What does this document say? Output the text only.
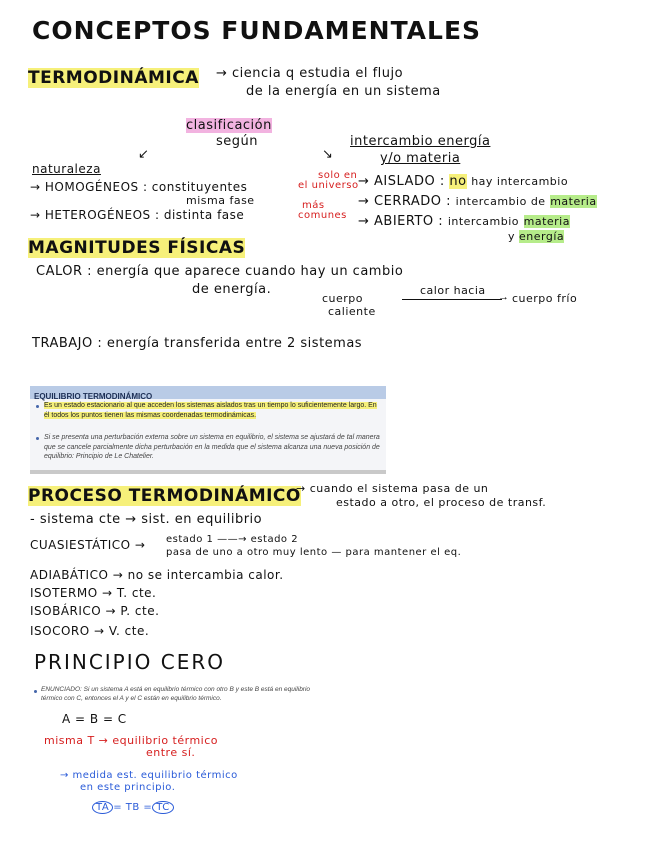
CONCEPTOS FUNDAMENTALES
TERMODINÁMICA → ciencia q estudia el flujo
de la energía en un sistema
clasificación
según
↙	↘
naturaleza
→ HOMOGÉNEOS : constituyentes
misma fase
→ HETEROGÉNEOS : distinta fase
intercambio energía
y/o materia
solo en
el universo
más
comunes
→ AISLADO : no hay intercambio
→ CERRADO : intercambio de materia
→ ABIERTO : intercambio materia
y energía
MAGNITUDES FÍSICAS
CALOR : energía que aparece cuando hay un cambio
de energía.
cuerpo
caliente
calor hacia → cuerpo frío
TRABAJO : energía transferida entre 2 sistemas
EQUILIBRIO TERMODINÁMICO
Es un estado estacionario al que acceden los sistemas aislados tras un tiempo lo suficientemente largo. En él todos los puntos tienen las mismas coordenadas termodinámicas.
Si se presenta una perturbación externa sobre un sistema en equilibrio, el sistema se ajustará de tal manera que se cancele parcialmente dicha perturbación en la medida que el sistema alcanza una nueva posición de equilibrio: Principio de Le Chatelier.
PROCESO TERMODINÁMICO
→ cuando el sistema pasa de un
estado a otro, el proceso de transf.
- sistema cte → sist. en equilibrio
CUASIESTÁTICO → estado 1 ——→ estado 2
pasa de uno a otro muy lento — para mantener el eq.
ADIABÁTICO → no se intercambia calor.
ISOTERMO → T. cte.
ISOBÁRICO → P. cte.
ISOCORO → V. cte.
PRINCIPIO CERO
ENUNCIADO: Si un sistema A está en equilibrio térmico con otro B y este B está en equilibrio térmico con C, entonces el A y el C están en equilibrio térmico.
A = B = C
misma T → equilibrio térmico
entre sí.
→ medida est. equilibrio térmico
en este principio.
TA = TB = TC
